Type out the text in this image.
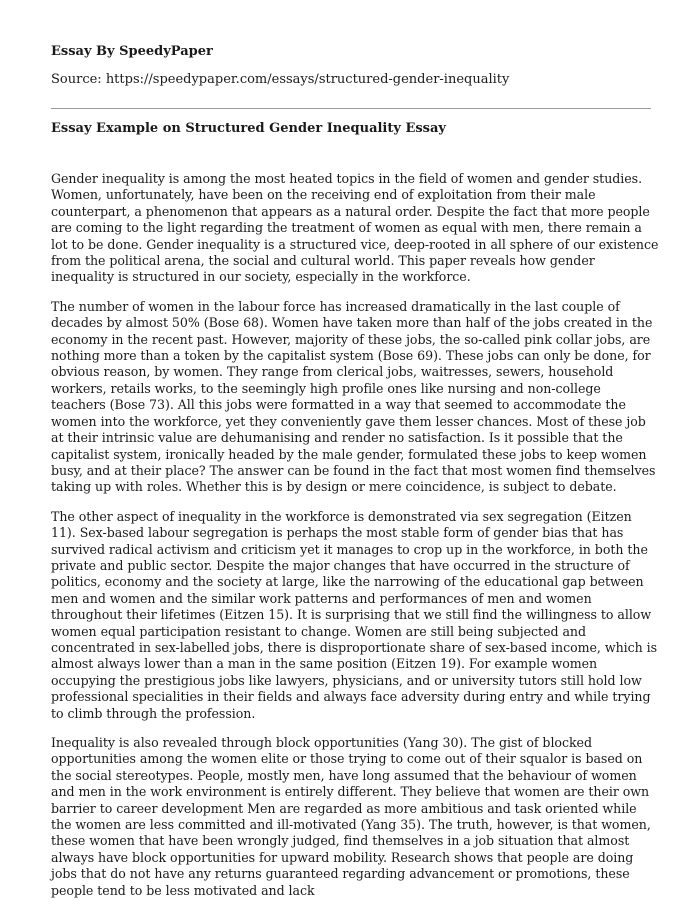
Essay By SpeedyPaper
Source: https://speedypaper.com/essays/structured-gender-inequality
Essay Example on Structured Gender Inequality Essay

Gender inequality is among the most heated topics in the field of women and gender studies. Women, unfortunately, have been on the receiving end of exploitation from their male counterpart, a phenomenon that appears as a natural order. Despite the fact that more people are coming to the light regarding the treatment of women as equal with men, there remain a lot to be done. Gender inequality is a structured vice, deep-rooted in all sphere of our existence from the political arena, the social and cultural world. This paper reveals how gender inequality is structured in our society, especially in the workforce.

The number of women in the labour force has increased dramatically in the last couple of decades by almost 50% (Bose 68). Women have taken more than half of the jobs created in the economy in the recent past. However, majority of these jobs, the so-called pink collar jobs, are nothing more than a token by the capitalist system (Bose 69). These jobs can only be done, for obvious reason, by women. They range from clerical jobs, waitresses, sewers, household workers, retails works, to the seemingly high profile ones like nursing and non-college teachers (Bose 73). All this jobs were formatted in a way that seemed to accommodate the women into the workforce, yet they conveniently gave them lesser chances. Most of these job at their intrinsic value are dehumanising and render no satisfaction. Is it possible that the capitalist system, ironically headed by the male gender, formulated these jobs to keep women busy, and at their place? The answer can be found in the fact that most women find themselves taking up with roles. Whether this is by design or mere coincidence, is subject to debate.

The other aspect of inequality in the workforce is demonstrated via sex segregation (Eitzen 11). Sex-based labour segregation is perhaps the most stable form of gender bias that has survived radical activism and criticism yet it manages to crop up in the workforce, in both the private and public sector. Despite the major changes that have occurred in the structure of politics, economy and the society at large, like the narrowing of the educational gap between men and women and the similar work patterns and performances of men and women throughout their lifetimes (Eitzen 15). It is surprising that we still find the willingness to allow women equal participation resistant to change. Women are still being subjected and concentrated in sex-labelled jobs, there is disproportionate share of sex-based income, which is almost always lower than a man in the same position (Eitzen 19). For example women occupying the prestigious jobs like lawyers, physicians, and or university tutors still hold low professional specialities in their fields and always face adversity during entry and while trying to climb through the profession.

Inequality is also revealed through block opportunities (Yang 30). The gist of blocked opportunities among the women elite or those trying to come out of their squalor is based on the social stereotypes. People, mostly men, have long assumed that the behaviour of women and men in the work environment is entirely different. They believe that women are their own barrier to career development Men are regarded as more ambitious and task oriented while the women are less committed and ill-motivated (Yang 35). The truth, however, is that women, these women that have been wrongly judged, find themselves in a job situation that almost always have block opportunities for upward mobility. Research shows that people are doing jobs that do not have any returns guaranteed regarding advancement or promotions, these people tend to be less motivated and lack
